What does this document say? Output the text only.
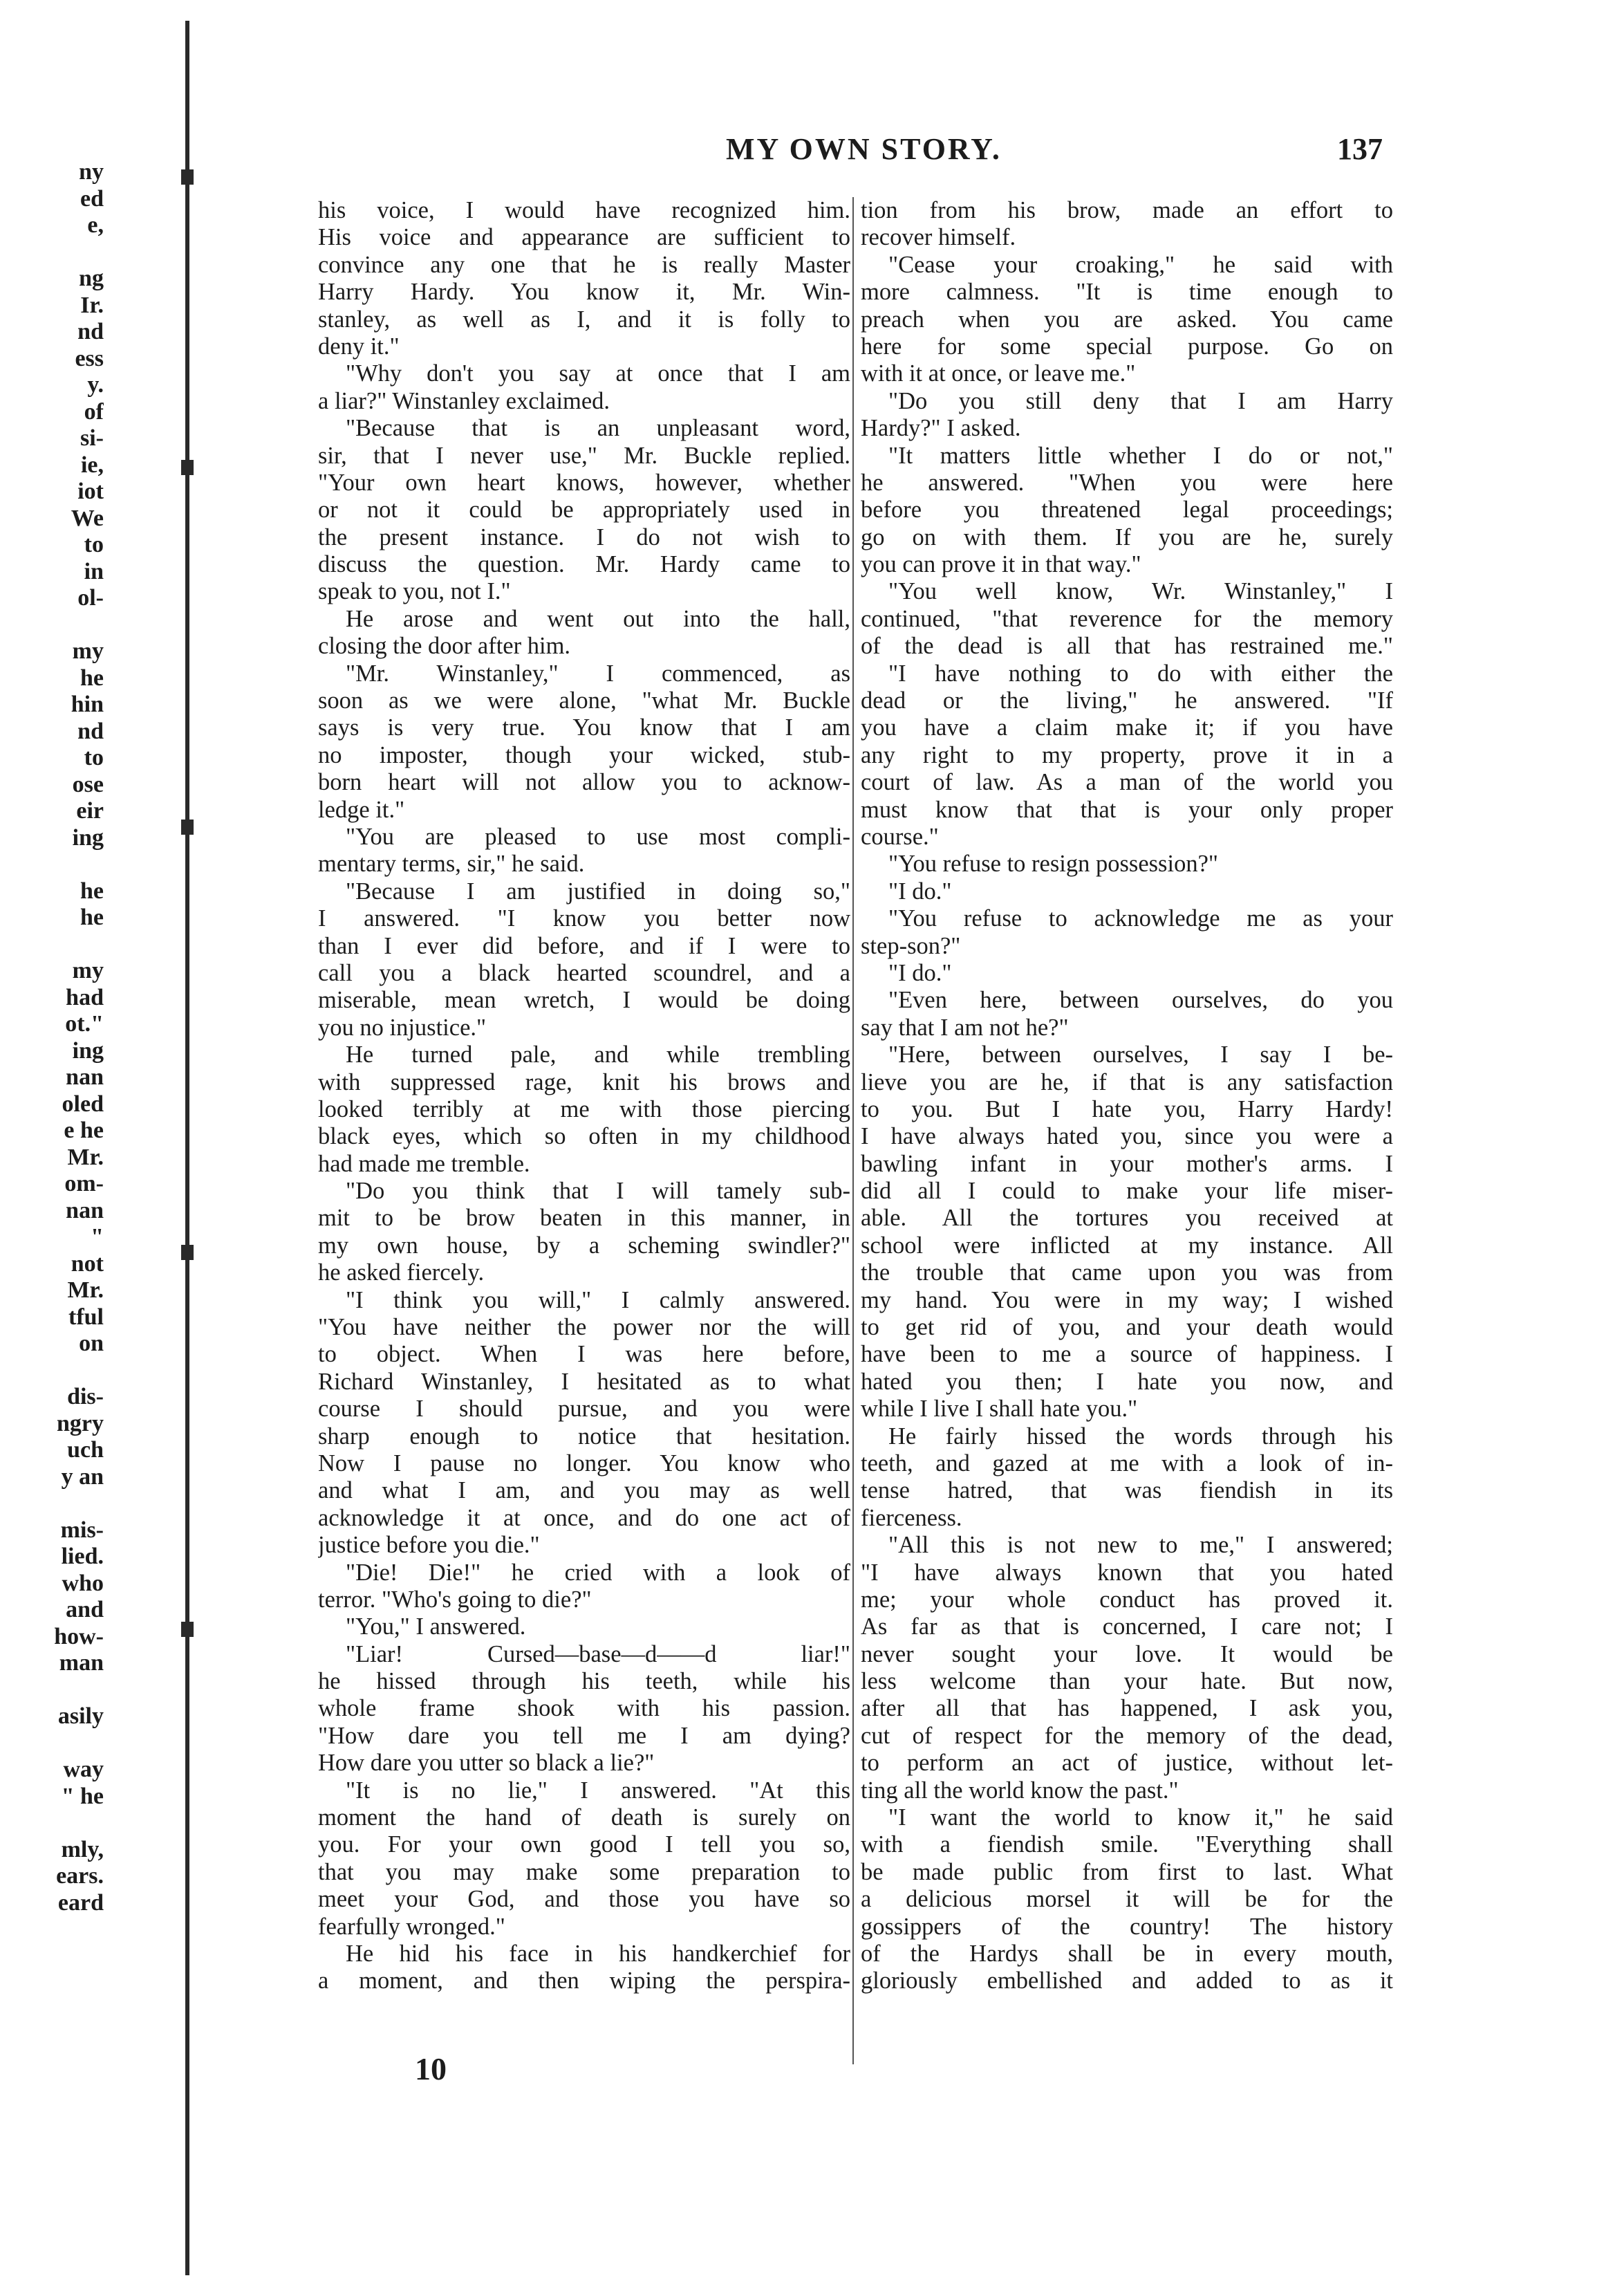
ny
ed
e,
ng
Ir.
nd
ess
y.
of
si-
ie,
iot
We
to
in
ol-
my
he
hin
nd
to
ose
eir
ing
he
he
my
had
ot."
ing
nan
oled
e he
Mr.
om-
nan
"
not
Mr.
tful
on
dis-
ngry
uch
y an
mis-
lied.
who
and
how-
man
asily
way
" he
mly,
ears.
eard
MY OWN STORY.	137
his voice, I would have recognized him.
His voice and appearance are sufficient to
convince any one that he is really Master
Harry Hardy. You know it, Mr. Win-
stanley, as well as I, and it is folly to
deny it."
"Why don't you say at once that I am
a liar?" Winstanley exclaimed.
"Because that is an unpleasant word,
sir, that I never use," Mr. Buckle replied.
"Your own heart knows, however, whether
or not it could be appropriately used in
the present instance. I do not wish to
discuss the question. Mr. Hardy came to
speak to you, not I."
He arose and went out into the hall,
closing the door after him.
"Mr. Winstanley," I commenced, as
soon as we were alone, "what Mr. Buckle
says is very true. You know that I am
no imposter, though your wicked, stub-
born heart will not allow you to acknow-
ledge it."
"You are pleased to use most compli-
mentary terms, sir," he said.
"Because I am justified in doing so,"
I answered. "I know you better now
than I ever did before, and if I were to
call you a black hearted scoundrel, and a
miserable, mean wretch, I would be doing
you no injustice."
He turned pale, and while trembling
with suppressed rage, knit his brows and
looked terribly at me with those piercing
black eyes, which so often in my childhood
had made me tremble.
"Do you think that I will tamely sub-
mit to be brow beaten in this manner, in
my own house, by a scheming swindler?"
he asked fiercely.
"I think you will," I calmly answered.
"You have neither the power nor the will
to object. When I was here before,
Richard Winstanley, I hesitated as to what
course I should pursue, and you were
sharp enough to notice that hesitation.
Now I pause no longer. You know who
and what I am, and you may as well
acknowledge it at once, and do one act of
justice before you die."
"Die! Die!" he cried with a look of
terror. "Who's going to die?"
"You," I answered.
"Liar! Cursed—base—d——d liar!"
he hissed through his teeth, while his
whole frame shook with his passion.
"How dare you tell me I am dying?
How dare you utter so black a lie?"
"It is no lie," I answered. "At this
moment the hand of death is surely on
you. For your own good I tell you so,
that you may make some preparation to
meet your God, and those you have so
fearfully wronged."
He hid his face in his handkerchief for
a moment, and then wiping the perspira-
tion from his brow, made an effort to
recover himself.
"Cease your croaking," he said with
more calmness. "It is time enough to
preach when you are asked. You came
here for some special purpose. Go on
with it at once, or leave me."
"Do you still deny that I am Harry
Hardy?" I asked.
"It matters little whether I do or not,"
he answered. "When you were here
before you threatened legal proceedings;
go on with them. If you are he, surely
you can prove it in that way."
"You well know, Wr. Winstanley," I
continued, "that reverence for the memory
of the dead is all that has restrained me."
"I have nothing to do with either the
dead or the living," he answered. "If
you have a claim make it; if you have
any right to my property, prove it in a
court of law. As a man of the world you
must know that that is your only proper
course."
"You refuse to resign possession?"
"I do."
"You refuse to acknowledge me as your
step-son?"
"I do."
"Even here, between ourselves, do you
say that I am not he?"
"Here, between ourselves, I say I be-
lieve you are he, if that is any satisfaction
to you. But I hate you, Harry Hardy!
I have always hated you, since you were a
bawling infant in your mother's arms. I
did all I could to make your life miser-
able. All the tortures you received at
school were inflicted at my instance. All
the trouble that came upon you was from
my hand. You were in my way; I wished
to get rid of you, and your death would
have been to me a source of happiness. I
hated you then; I hate you now, and
while I live I shall hate you."
He fairly hissed the words through his
teeth, and gazed at me with a look of in-
tense hatred, that was fiendish in its
fierceness.
"All this is not new to me," I answered;
"I have always known that you hated
me; your whole conduct has proved it.
As far as that is concerned, I care not; I
never sought your love. It would be
less welcome than your hate. But now,
after all that has happened, I ask you,
cut of respect for the memory of the dead,
to perform an act of justice, without let-
ting all the world know the past."
"I want the world to know it," he said
with a fiendish smile. "Everything shall
be made public from first to last. What
a delicious morsel it will be for the
gossippers of the country! The history
of the Hardys shall be in every mouth,
gloriously embellished and added to as it
10
